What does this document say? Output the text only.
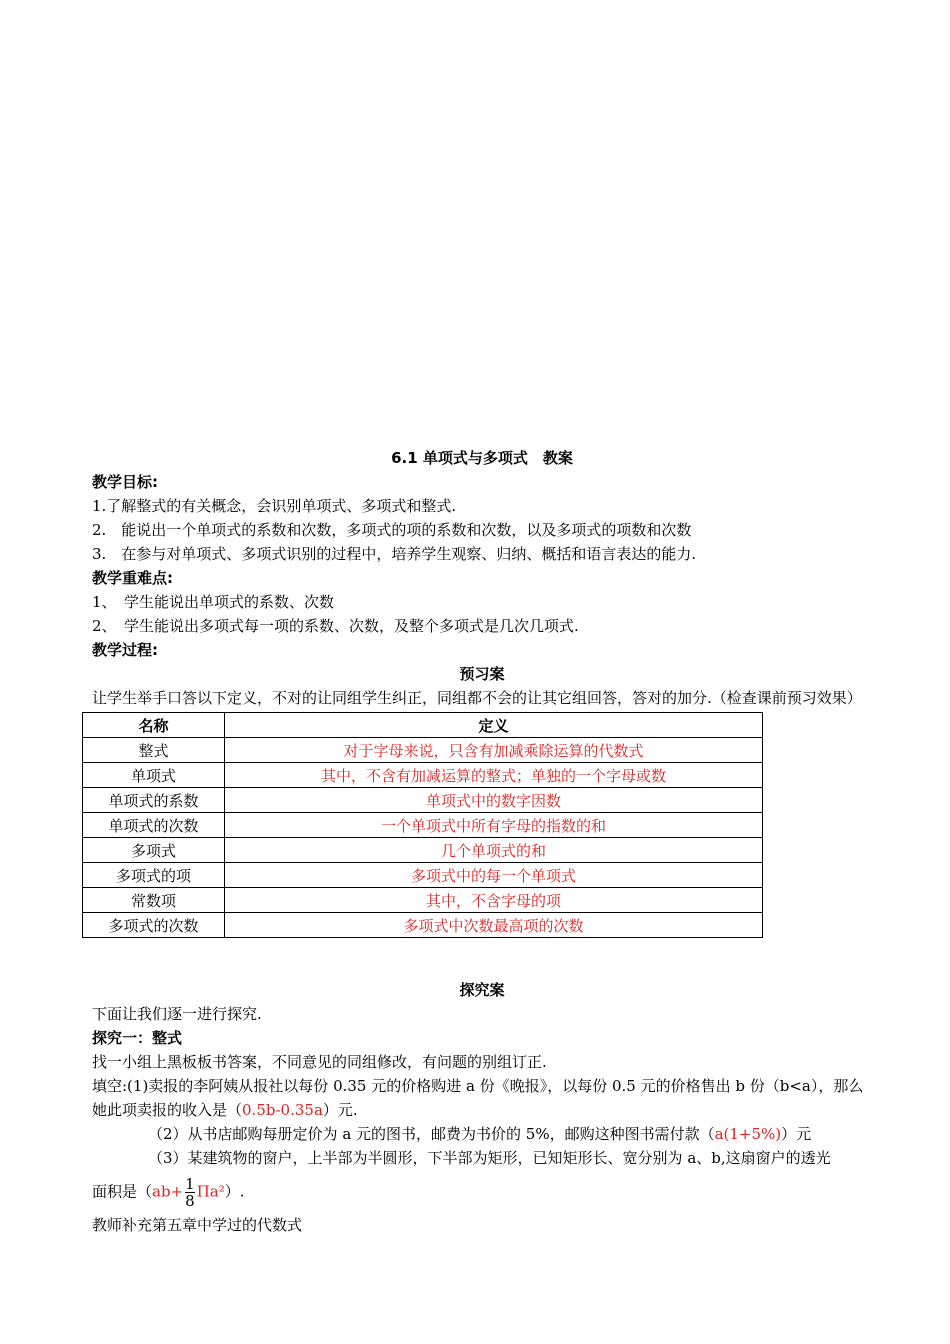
6.1 单项式与多项式　教案
教学目标:
1.了解整式的有关概念，会识别单项式、多项式和整式.
2.　能说出一个单项式的系数和次数，多项式的项的系数和次数，以及多项式的项数和次数
3.　在参与对单项式、多项式识别的过程中，培养学生观察、归纳、概括和语言表达的能力.
教学重难点:
1、　学生能说出单项式的系数、次数
2、　学生能说出多项式每一项的系数、次数，及整个多项式是几次几项式.
教学过程:
预习案
让学生举手口答以下定义，不对的让同组学生纠正，同组都不会的让其它组回答，答对的加分.（检查课前预习效果）
名称	定义
整式	对于字母来说，只含有加减乘除运算的代数式
单项式	其中，不含有加减运算的整式；单独的一个字母或数
单项式的系数	单项式中的数字因数
单项式的次数	一个单项式中所有字母的指数的和
多项式	几个单项式的和
多项式的项	多项式中的每一个单项式
常数项	其中，不含字母的项
多项式的次数	多项式中次数最高项的次数
探究案
下面让我们逐一进行探究.
探究一：整式
找一小组上黑板板书答案，不同意见的同组修改，有问题的别组订正.
填空:(1)卖报的李阿姨从报社以每份 0.35 元的价格购进 a 份《晚报》，以每份 0.5 元的价格售出 b 份（b<a），那么她此项卖报的收入是（0.5b-0.35a）元.
（2）从书店邮购每册定价为 a 元的图书，邮费为书价的 5%，邮购这种图书需付款（a(1+5%)）元
（3）某建筑物的窗户，上半部为半圆形，下半部为矩形，已知矩形长、宽分别为 a、b,这扇窗户的透光
面积是$(ab+ \frac{1}{8} \Pi a^2)$.
教师补充第五章中学过的代数式
